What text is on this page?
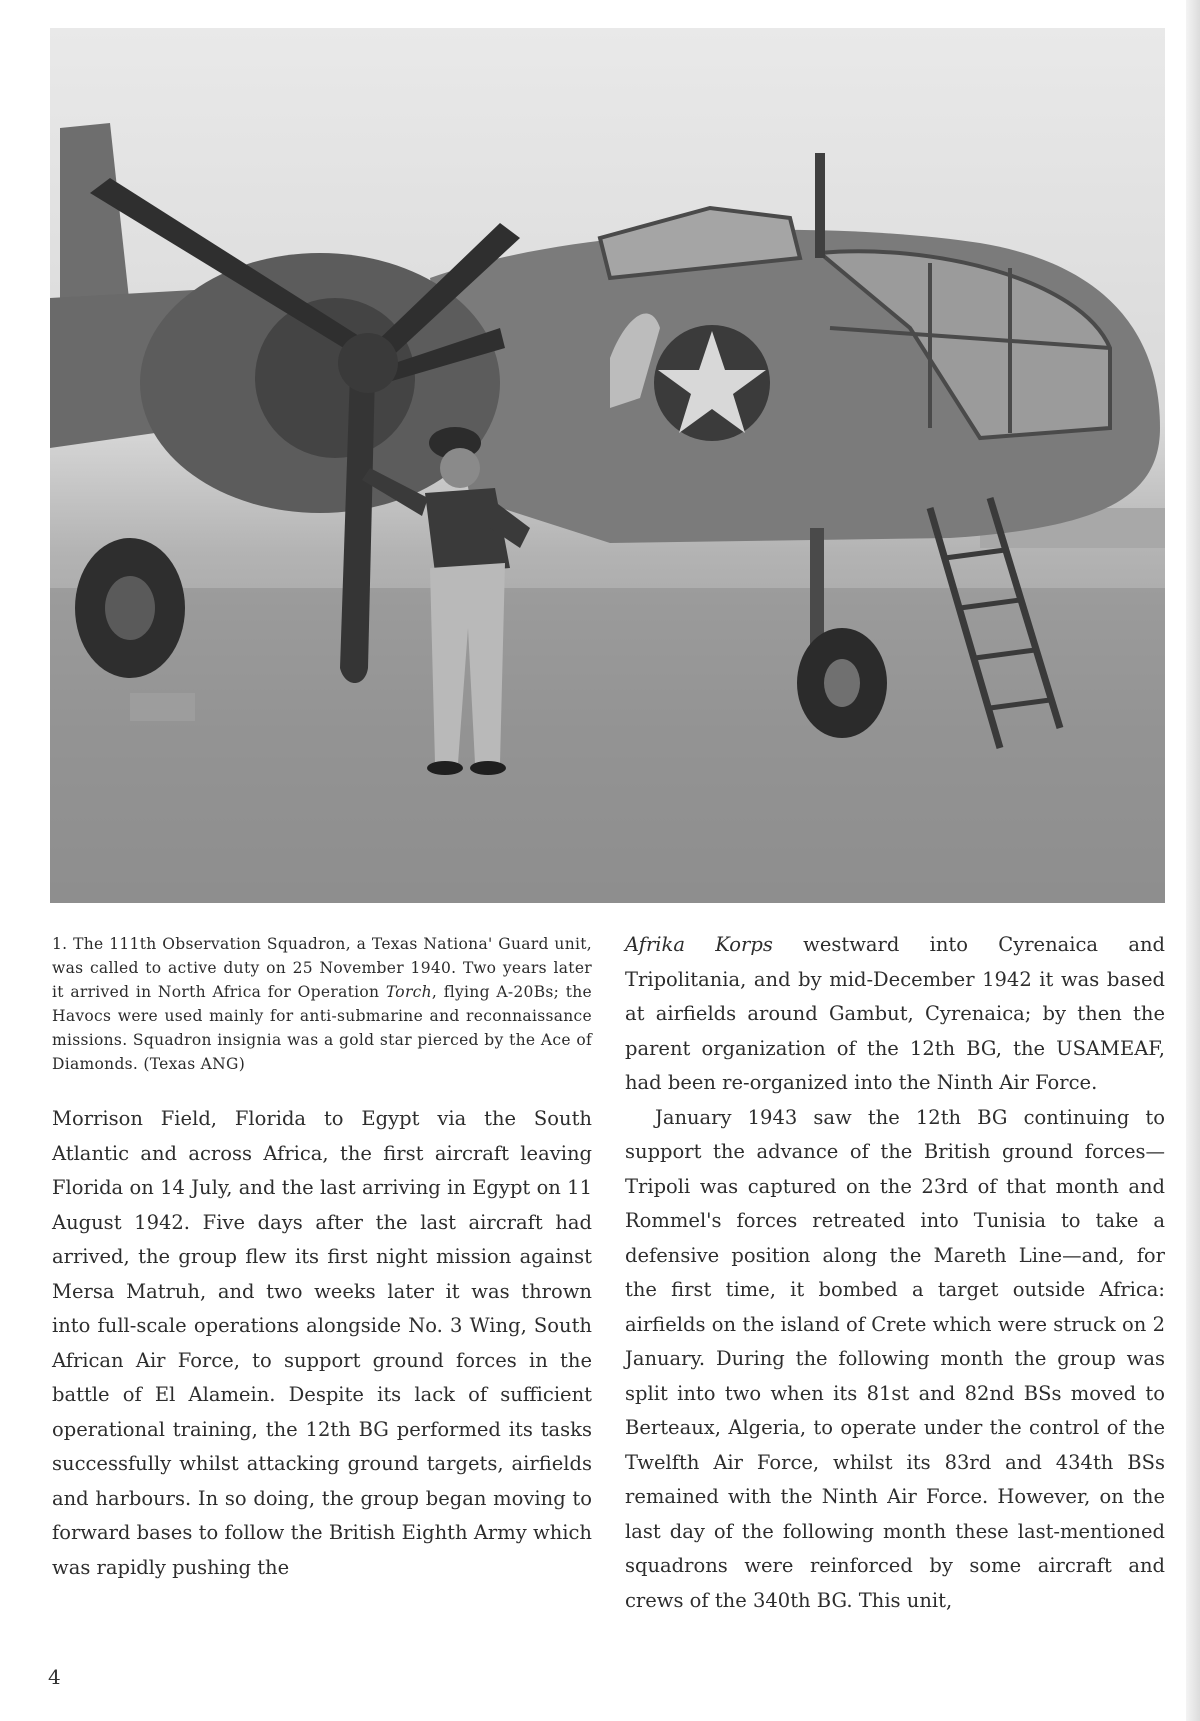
1. The 111th Observation Squadron, a Texas Nationa' Guard unit, was called to active duty on 25 November 1940. Two years later it arrived in North Africa for Operation Torch, flying A-20Bs; the Havocs were used mainly for anti-submarine and reconnaissance missions. Squadron insignia was a gold star pierced by the Ace of Diamonds. (Texas ANG)

Morrison Field, Florida to Egypt via the South Atlantic and across Africa, the first aircraft leaving Florida on 14 July, and the last arriving in Egypt on 11 August 1942. Five days after the last aircraft had arrived, the group flew its first night mission against Mersa Matruh, and two weeks later it was thrown into full-scale operations alongside No. 3 Wing, South African Air Force, to support ground forces in the battle of El Alamein. Despite its lack of sufficient operational training, the 12th BG performed its tasks successfully whilst attacking ground targets, airfields and harbours. In so doing, the group began moving to forward bases to follow the British Eighth Army which was rapidly pushing the

Afrika Korps westward into Cyrenaica and Tripolitania, and by mid-December 1942 it was based at airfields around Gambut, Cyrenaica; by then the parent organization of the 12th BG, the USAMEAF, had been re-organized into the Ninth Air Force.

January 1943 saw the 12th BG continuing to support the advance of the British ground forces—Tripoli was captured on the 23rd of that month and Rommel's forces retreated into Tunisia to take a defensive position along the Mareth Line—and, for the first time, it bombed a target outside Africa: airfields on the island of Crete which were struck on 2 January. During the following month the group was split into two when its 81st and 82nd BSs moved to Berteaux, Algeria, to operate under the control of the Twelfth Air Force, whilst its 83rd and 434th BSs remained with the Ninth Air Force. However, on the last day of the following month these last-mentioned squadrons were reinforced by some aircraft and crews of the 340th BG. This unit,

4
